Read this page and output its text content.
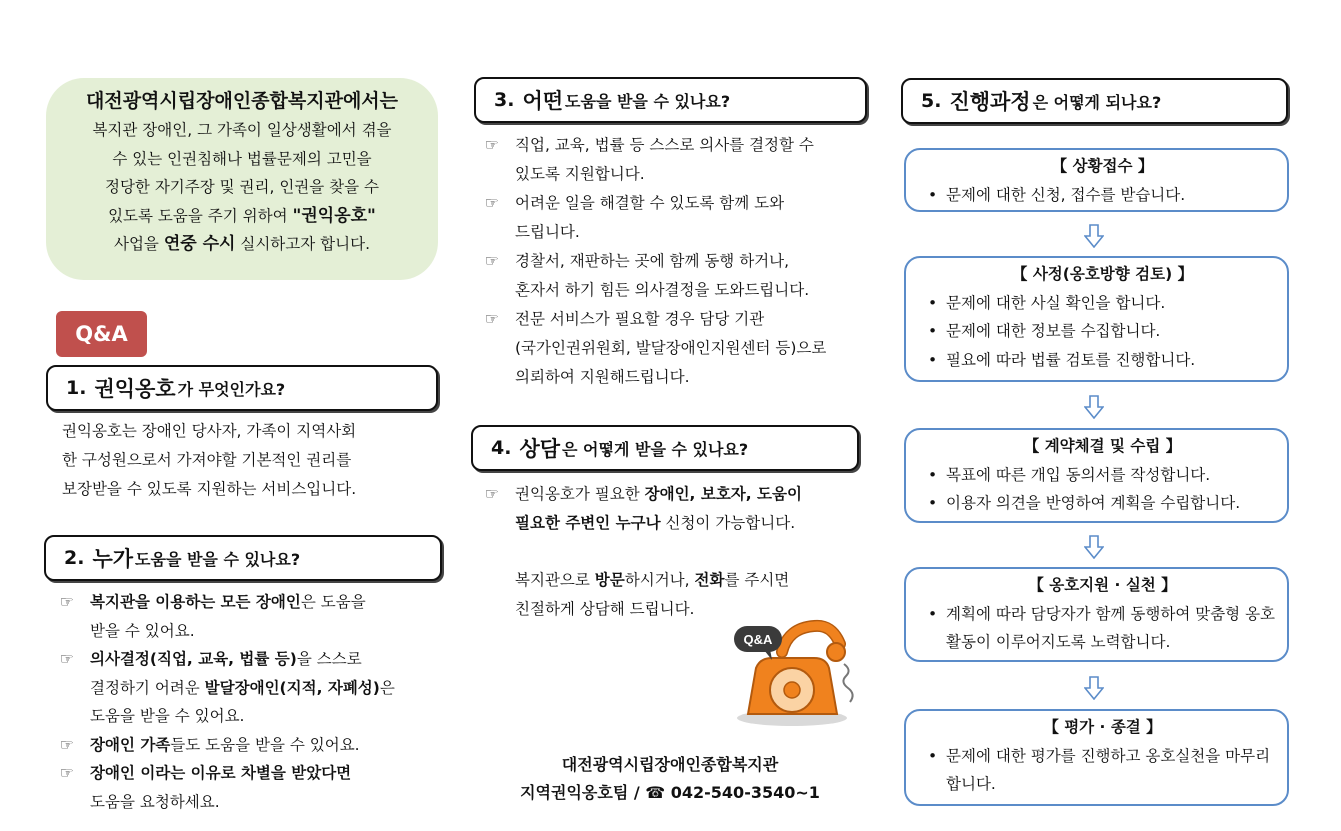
대전광역시립장애인종합복지관에서는
복지관 장애인, 그 가족이 일상생활에서 겪을
수 있는 인권침해나 법률문제의 고민을
정당한 자기주장 및 권리, 인권을 찾을 수
있도록 도움을 주기 위하여 "권익옹호"
사업을 연중 수시 실시하고자 합니다.
Q&A
1. 권익옹호 가 무엇인가요?
권익옹호는 장애인 당사자, 가족이 지역사회
한 구성원으로서 가져야할 기본적인 권리를
보장받을 수 있도록 지원하는 서비스입니다.
2. 누가 도움을 받을 수 있나요?
☞ 복지관을 이용하는 모든 장애인은 도움을
받을 수 있어요.
☞ 의사결정(직업, 교육, 법률 등)을 스스로
결정하기 어려운 발달장애인(지적, 자폐성)은
도움을 받을 수 있어요.
☞ 장애인 가족들도 도움을 받을 수 있어요.
☞ 장애인 이라는 이유로 차별을 받았다면
도움을 요청하세요.
3. 어떤 도움을 받을 수 있나요?
☞ 직업, 교육, 법률 등 스스로 의사를 결정할 수
있도록 지원합니다.
☞ 어려운 일을 해결할 수 있도록 함께 도와
드립니다.
☞ 경찰서, 재판하는 곳에 함께 동행 하거나,
혼자서 하기 힘든 의사결정을 도와드립니다.
☞ 전문 서비스가 필요할 경우 담당 기관
(국가인권위원회, 발달장애인지원센터 등)으로
의뢰하여 지원해드립니다.
4. 상담 은 어떻게 받을 수 있나요?
☞ 권익옹호가 필요한 장애인, 보호자, 도움이
필요한 주변인 누구나 신청이 가능합니다.
복지관으로 방문하시거나, 전화를 주시면
친절하게 상담해 드립니다.
Q&A
대전광역시립장애인종합복지관
지역권익옹호팀 / ☎ 042-540-3540~1
5. 진행과정 은 어떻게 되나요?
【 상황접수 】
• 문제에 대한 신청, 접수를 받습니다.
【 사정(옹호방향 검토) 】
• 문제에 대한 사실 확인을 합니다.
• 문제에 대한 정보를 수집합니다.
• 필요에 따라 법률 검토를 진행합니다.
【 계약체결 및 수립 】
• 목표에 따른 개입 동의서를 작성합니다.
• 이용자 의견을 반영하여 계획을 수립합니다.
【 옹호지원 · 실천 】
• 계획에 따라 담당자가 함께 동행하여 맞춤형 옹호활동이 이루어지도록 노력합니다.
【 평가 · 종결 】
• 문제에 대한 평가를 진행하고 옹호실천을 마무리합니다.
